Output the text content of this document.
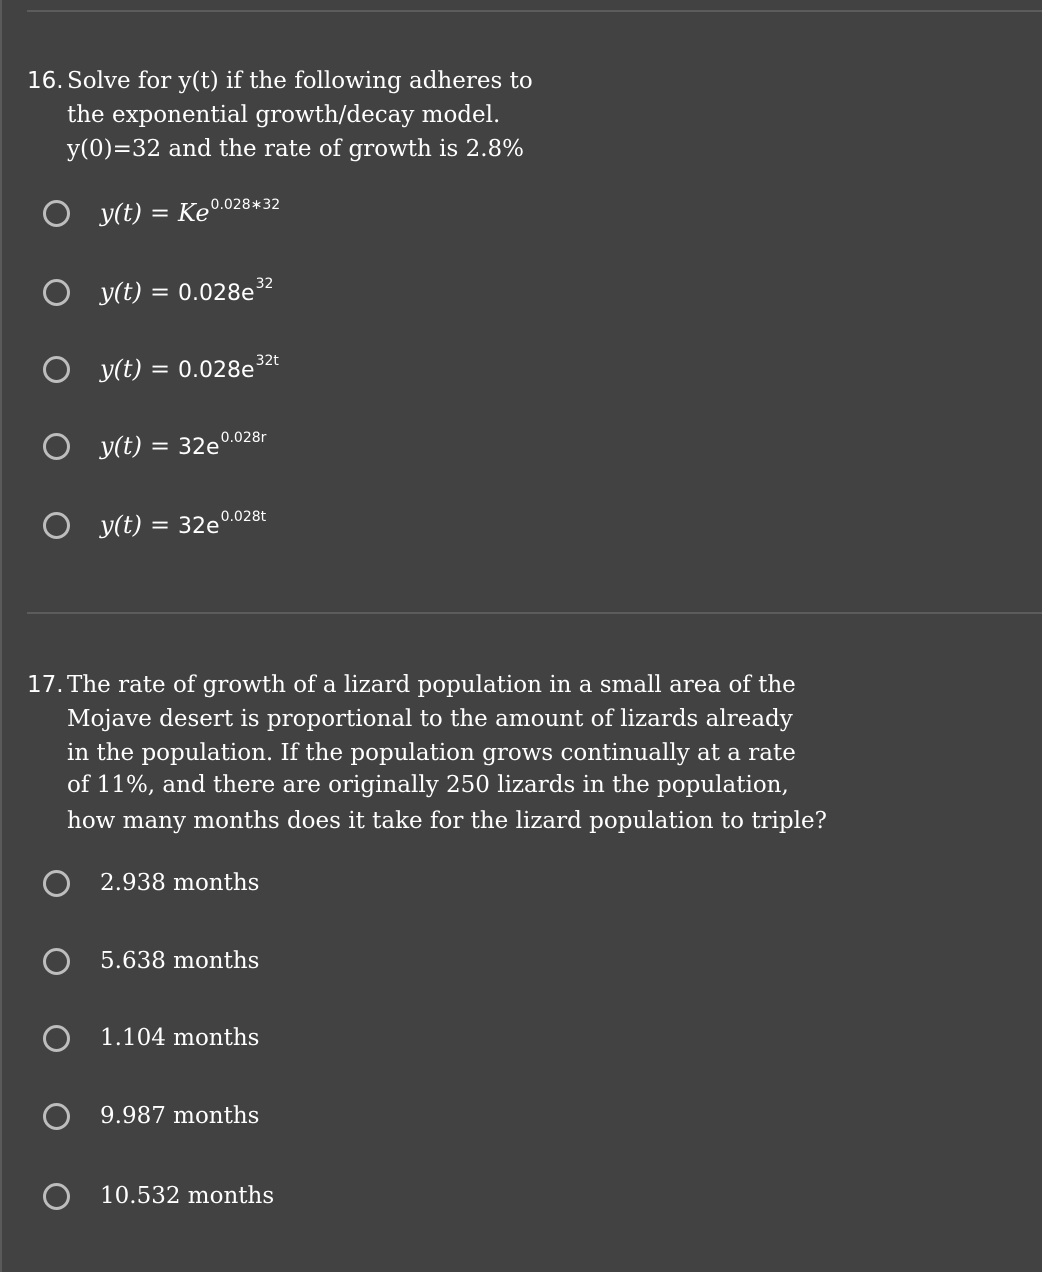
16. Solve for y(t) if the following adheres to
the exponential growth/decay model.
y(0)=32 and the rate of growth is 2.8%
$y(t) = Ke^{0.028∗32}$
$y(t) = 0.028e^{32}$
$y(t) = 0.028e^{32t}$
$y(t) = 32e^{0.028r}$
$y(t) = 32e^{0.028t}$
17. The rate of growth of a lizard population in a small area of the
Mojave desert is proportional to the amount of lizards already
in the population. If the population grows continually at a rate
of 11%, and there are originally 250 lizards in the population,
how many months does it take for the lizard population to triple?
2.938 months
5.638 months
1.104 months
9.987 months
10.532 months
